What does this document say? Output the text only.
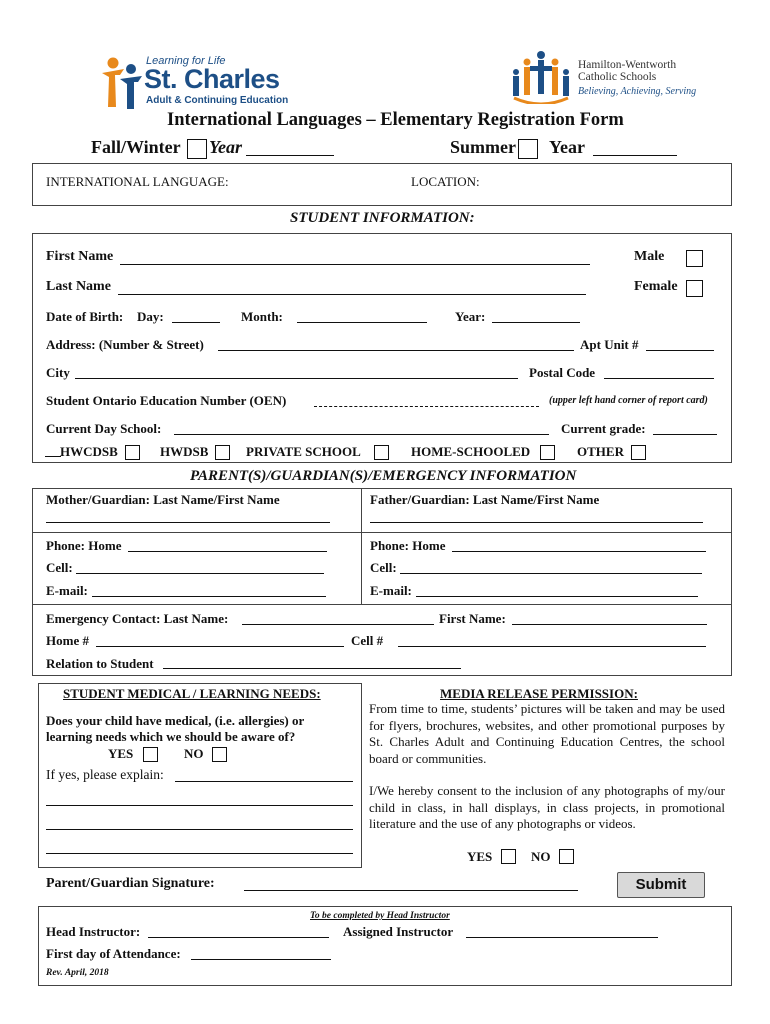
Learning for Life
St. Charles
Adult & Continuing Education
Hamilton-Wentworth
Catholic Schools
Believing, Achieving, Serving
International Languages – Elementary Registration Form
Fall/Winter Year	Summer Year
INTERNATIONAL LANGUAGE:	LOCATION:
STUDENT INFORMATION:
First Name	Male
Last Name	Female
Date of Birth: Day:	Month:	Year:
Address: (Number & Street)	Apt Unit #
City	Postal Code
Student Ontario Education Number (OEN)	(upper left hand corner of report card)
Current Day School:	Current grade:
HWCDSB	HWDSB	PRIVATE SCHOOL	HOME-SCHOOLED	OTHER
PARENT(S)/GUARDIAN(S)/EMERGENCY INFORMATION
Mother/Guardian: Last Name/First Name	Father/Guardian: Last Name/First Name
Phone: Home	Phone: Home
Cell:	Cell:
E-mail:	E-mail:
Emergency Contact: Last Name:	First Name:
Home #	Cell #
Relation to Student
STUDENT MEDICAL / LEARNING NEEDS:
Does your child have medical, (i.e. allergies) or learning needs which we should be aware of?
YES	NO
If yes, please explain:
MEDIA RELEASE PERMISSION:
From time to time, students’ pictures will be taken and may be used for flyers, brochures, websites, and other promotional purposes by St. Charles Adult and Continuing Education Centres, the school board or communities.
I/We hereby consent to the inclusion of any photographs of my/our child in class, in hall displays, in class projects, in promotional literature and the use of any photographs or videos.
YES	NO
Parent/Guardian Signature:	Submit
To be completed by Head Instructor
Head Instructor:	Assigned Instructor
First day of Attendance:
Rev. April, 2018
